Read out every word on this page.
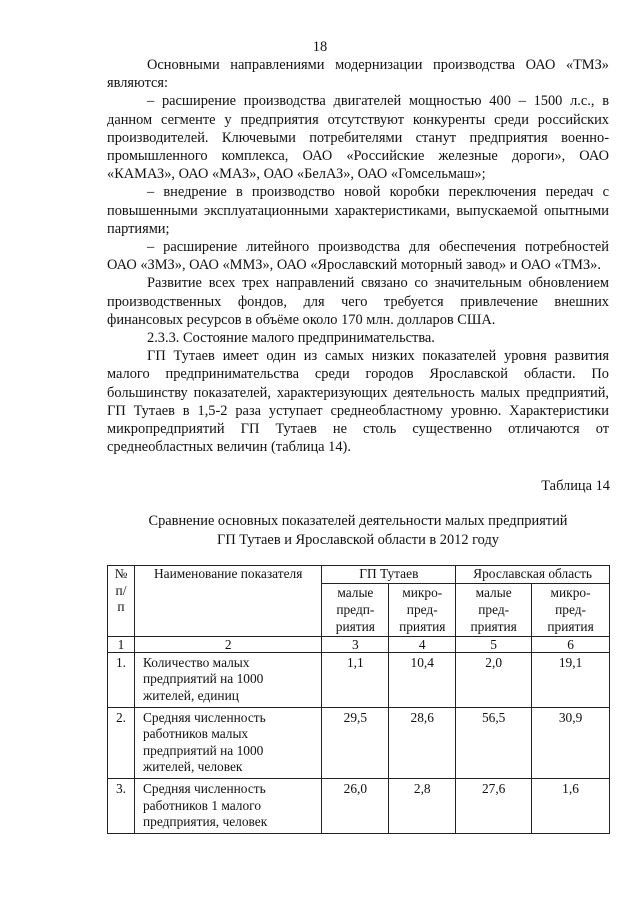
18

Основными направлениями модернизации производства ОАО «ТМЗ» являются:

– расширение производства двигателей мощностью 400 – 1500 л.с., в данном сегменте у предприятия отсутствуют конкуренты среди российских производителей. Ключевыми потребителями станут предприятия военно-промышленного комплекса, ОАО «Российские железные дороги», ОАО «КАМАЗ», ОАО «МАЗ», ОАО «БелАЗ», ОАО «Гомсельмаш»;

– внедрение в производство новой коробки переключения передач с повышенными эксплуатационными характеристиками, выпускаемой опытными партиями;

– расширение литейного производства для обеспечения потребностей ОАО «ЗМЗ», ОАО «ММЗ», ОАО «Ярославский моторный завод» и ОАО «ТМЗ».

Развитие всех трех направлений связано со значительным обновлением производственных фондов, для чего требуется привлечение внешних финансовых ресурсов в объёме около 170 млн. долларов США.

2.3.3. Состояние малого предпринимательства.

ГП Тутаев имеет один из самых низких показателей уровня развития малого предпринимательства среди городов Ярославской области. По большинству показателей, характеризующих деятельность малых предприятий, ГП Тутаев в 1,5-2 раза уступает среднеобластному уровню. Характеристики микропредприятий ГП Тутаев не столь существенно отличаются от среднеобластных величин (таблица 14).

Таблица 14
Сравнение основных показателей деятельности малых предприятий
ГП Тутаев и Ярославской области в 2012 году
№ п/п	Наименование показателя	ГП Тутаев		Ярославская область	
		малые предп-риятия	микро-пред-приятия	малые пред-приятия	микро-пред-приятия
1	2	3	4	5	6
1.	Количество малых предприятий на 1000 жителей, единиц	1,1	10,4	2,0	19,1
2.	Средняя численность работников малых предприятий на 1000 жителей, человек	29,5	28,6	56,5	30,9
3.	Средняя численность работников 1 малого предприятия, человек	26,0	2,8	27,6	1,6
